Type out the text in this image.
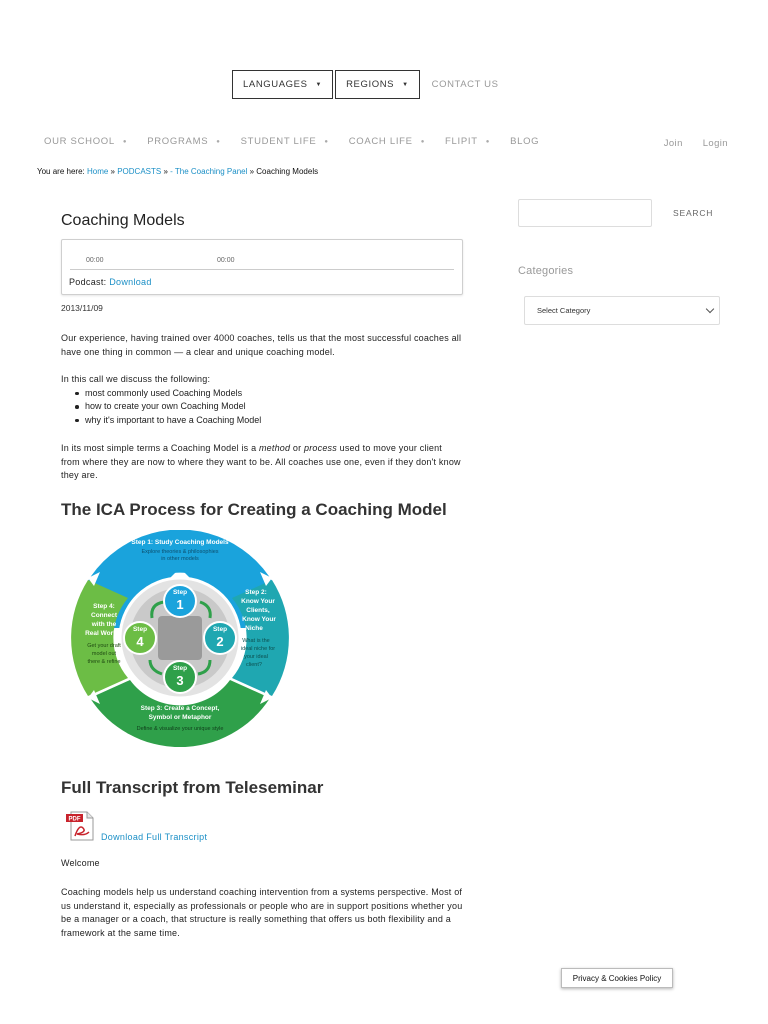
LANGUAGES ▼	REGIONS ▼ CONTACT US
OUR SCHOOL ● PROGRAMS ● STUDENT LIFE ● COACH LIFE ● FLIPIT ● BLOG	Join Login
You are here: Home » PODCASTS » - The Coaching Panel » Coaching Models
Coaching Models
00:00	00:00
Podcast: Download
2013/11/09

Our experience, having trained over 4000 coaches, tells us that the most successful coaches all have one thing in common — a clear and unique coaching model.

In this call we discuss the following:

most commonly used Coaching Models
how to create your own Coaching Model
why it's important to have a Coaching Model

In its most simple terms a Coaching Model is a method or process used to move your client from where they are now to where they want to be. All coaches use one, even if they don't know they are.

The ICA Process for Creating a Coaching Model
Step
1
Step
2
Step
3
Step
4
Step 1: Study Coaching Models
Explore theories & philosophies
in other models
Step 2:
Know Your
Clients,
Know Your
Niche
What is the
ideal niche for
your ideal
client?
Step 3: Create a Concept,
Symbol or Metaphor
Define & visualize your unique style
Step 4:
Connect
with the
Real World
Get your draft
model out
there & refine
Full Transcript from Teleseminar
PDF
Download Full Transcript

Welcome

Coaching models help us understand coaching intervention from a systems perspective. Most of us understand it, especially as professionals or people who are in support positions whether you be a manager or a coach, that structure is really something that offers us both flexibility and a framework at the same time.

SEARCH
Categories
Select Category
Privacy & Cookies Policy
